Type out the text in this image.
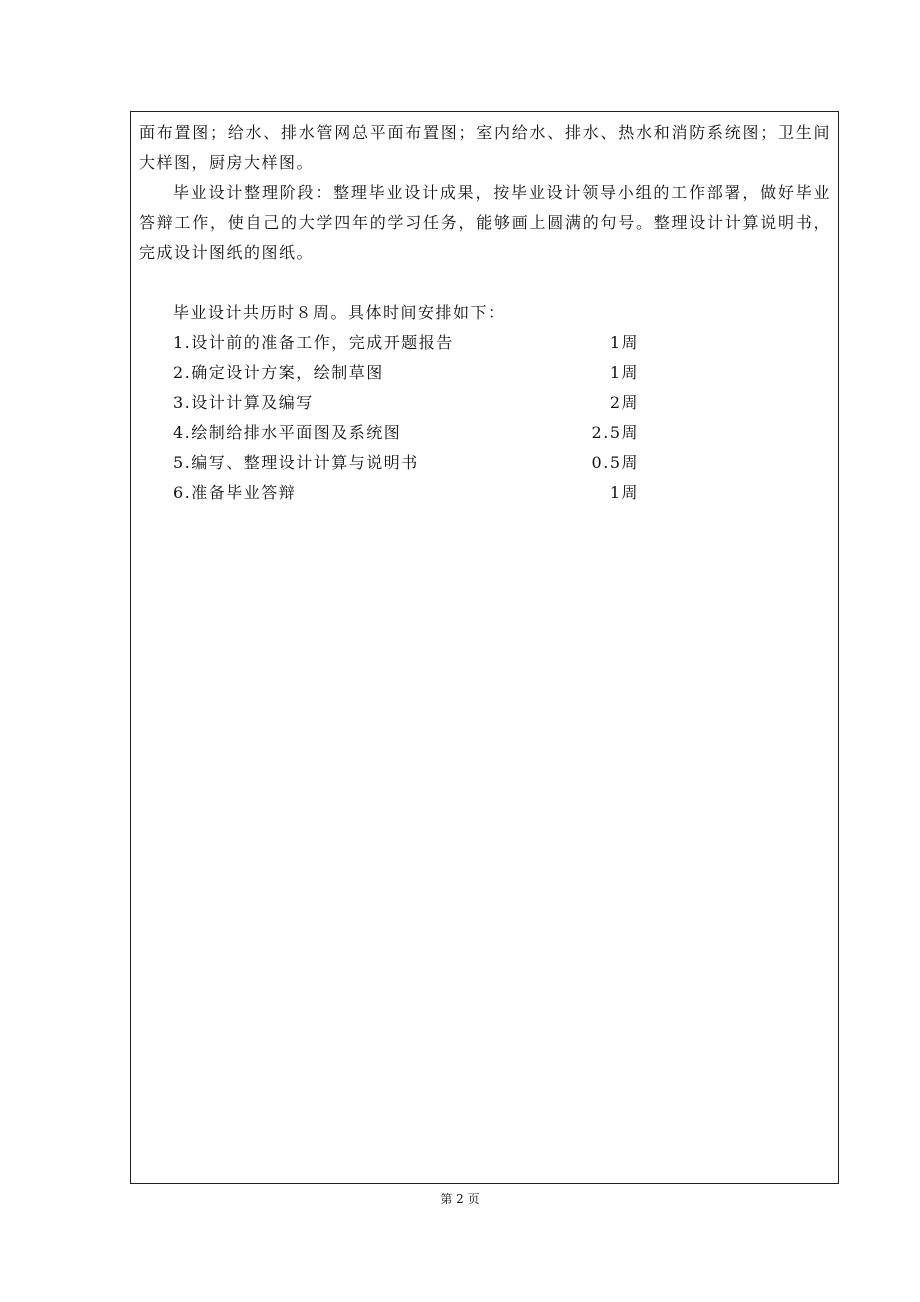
面布置图；给水、排水管网总平面布置图；室内给水、排水、热水和消防系统图；卫生间大样图，厨房大样图。

毕业设计整理阶段：整理毕业设计成果，按毕业设计领导小组的工作部署，做好毕业答辩工作，使自己的大学四年的学习任务，能够画上圆满的句号。整理设计计算说明书，完成设计图纸的图纸。

毕业设计共历时８周。具体时间安排如下：

1.设计前的准备工作，完成开题报告	1周
2.确定设计方案，绘制草图	1周
3.设计计算及编写	2周
4.绘制给排水平面图及系统图	2.5周
5.编写、整理设计计算与说明书	0.5周
6.准备毕业答辩	1周
第 2 页
